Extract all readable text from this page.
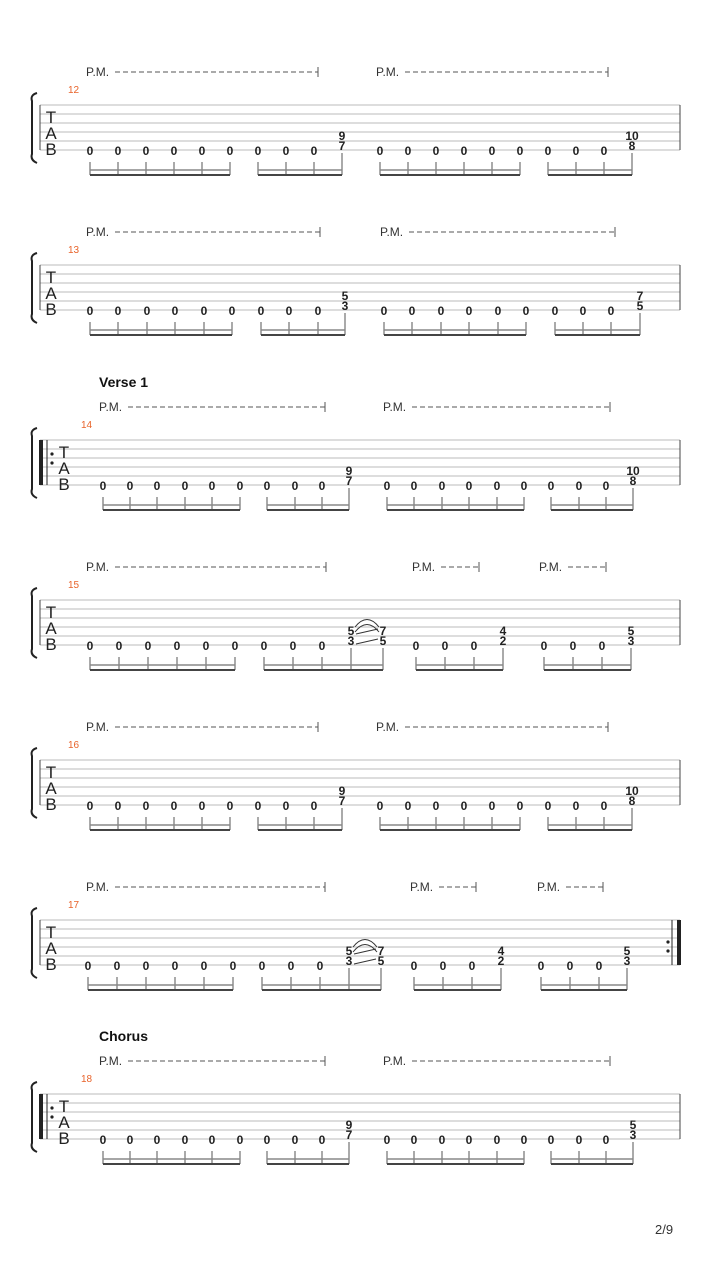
P.M.	P.M.
12
T
A
B 0 0 0 0 0 0 0 0 0
9
7	0 0 0 0 0 0 0 0 0
10
8
P.M.	P.M.
13
T
A
B 0 0 0 0 0 0 0 0 0
5
3	0 0 0 0 0 0 0 0 0
7
5
Verse 1
P.M.	P.M.
14
T
A
B 0 0 0 0 0 0 0 0 0
9
7	0 0 0 0 0 0 0 0 0
10
8
P.M.	P.M.	P.M.
15
T
A
B 0 0 0 0 0 0 0 0 0
5
3
7
5 0 0 0
4
2	0 0 0
5
3
P.M.	P.M.
16
T
A
B 0 0 0 0 0 0 0 0 0
9
7	0 0 0 0 0 0 0 0 0
10
8
P.M.	P.M.	P.M.
17
T
A
B 0 0 0 0 0 0 0 0 0
5
3
7
5 0 0 0
4
2	0 0 0
5
3
Chorus
P.M.	P.M.
18
T
A
B 0 0 0 0 0 0 0 0 0
9
7	0 0 0 0 0 0 0 0 0
5
3
2/9
